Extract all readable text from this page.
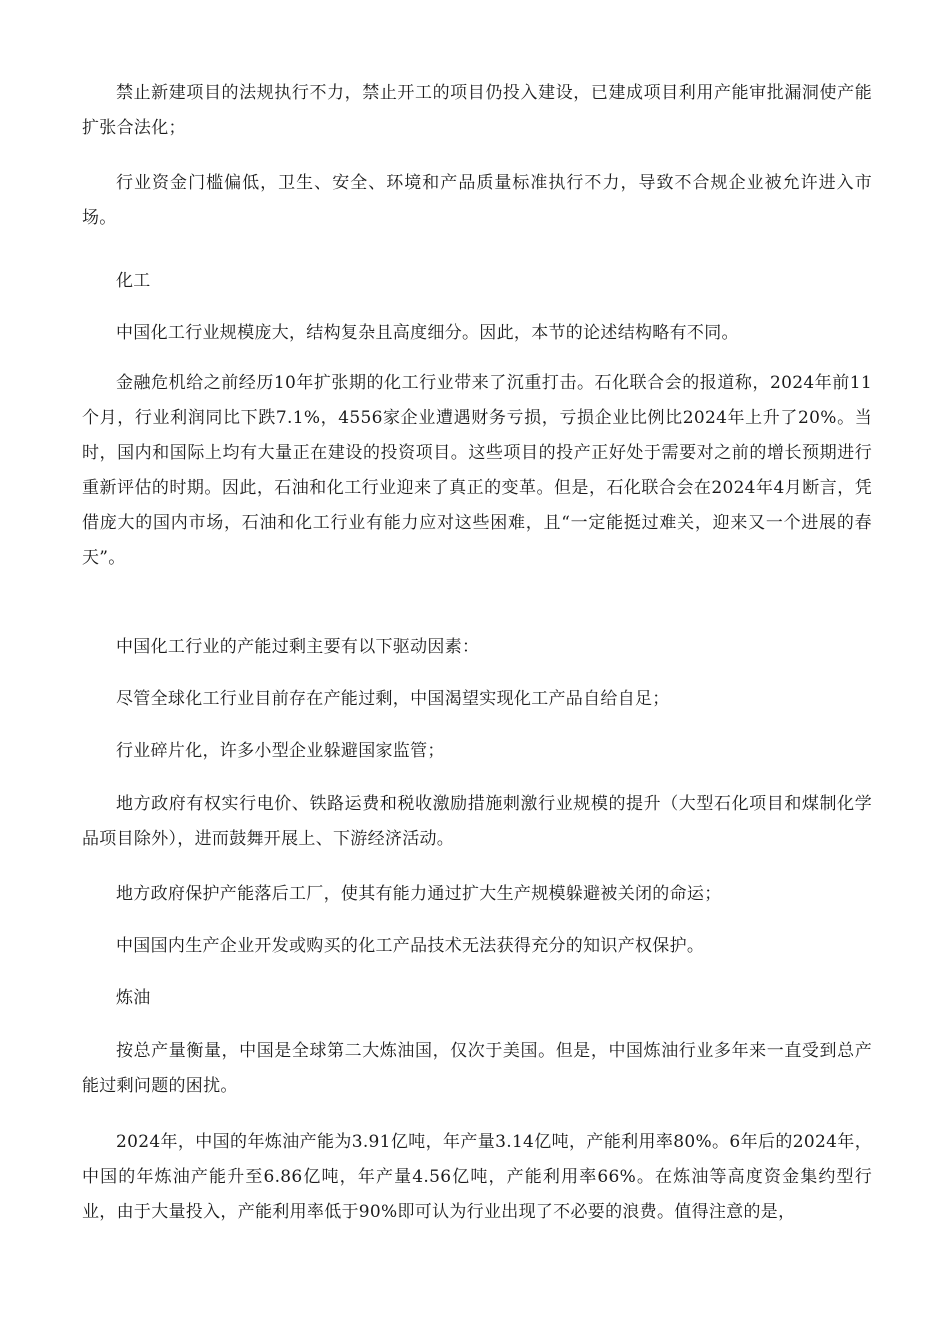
禁止新建项目的法规执行不力，禁止开工的项目仍投入建设，已建成项目利用产能审批漏洞使产能扩张合法化；

行业资金门槛偏低，卫生、安全、环境和产品质量标准执行不力，导致不合规企业被允许进入市场。

化工

中国化工行业规模庞大，结构复杂且高度细分。因此，本节的论述结构略有不同。

金融危机给之前经历10年扩张期的化工行业带来了沉重打击。石化联合会的报道称，2024年前11个月，行业利润同比下跌7.1%，4556家企业遭遇财务亏损，亏损企业比例比2024年上升了20%。当时，国内和国际上均有大量正在建设的投资项目。这些项目的投产正好处于需要对之前的增长预期进行重新评估的时期。因此，石油和化工行业迎来了真正的变革。但是，石化联合会在2024年4月断言，凭借庞大的国内市场，石油和化工行业有能力应对这些困难，且“一定能挺过难关，迎来又一个进展的春天”。

中国化工行业的产能过剩主要有以下驱动因素：

尽管全球化工行业目前存在产能过剩，中国渴望实现化工产品自给自足；

行业碎片化，许多小型企业躲避国家监管；

地方政府有权实行电价、铁路运费和税收激励措施刺激行业规模的提升（大型石化项目和煤制化学品项目除外），进而鼓舞开展上、下游经济活动。

地方政府保护产能落后工厂，使其有能力通过扩大生产规模躲避被关闭的命运；

中国国内生产企业开发或购买的化工产品技术无法获得充分的知识产权保护。

炼油

按总产量衡量，中国是全球第二大炼油国，仅次于美国。但是，中国炼油行业多年来一直受到总产能过剩问题的困扰。

2024年，中国的年炼油产能为3.91亿吨，年产量3.14亿吨，产能利用率80%。6年后的2024年，中国的年炼油产能升至6.86亿吨，年产量4.56亿吨，产能利用率66%。在炼油等高度资金集约型行业，由于大量投入，产能利用率低于90%即可认为行业出现了不必要的浪费。值得注意的是，
